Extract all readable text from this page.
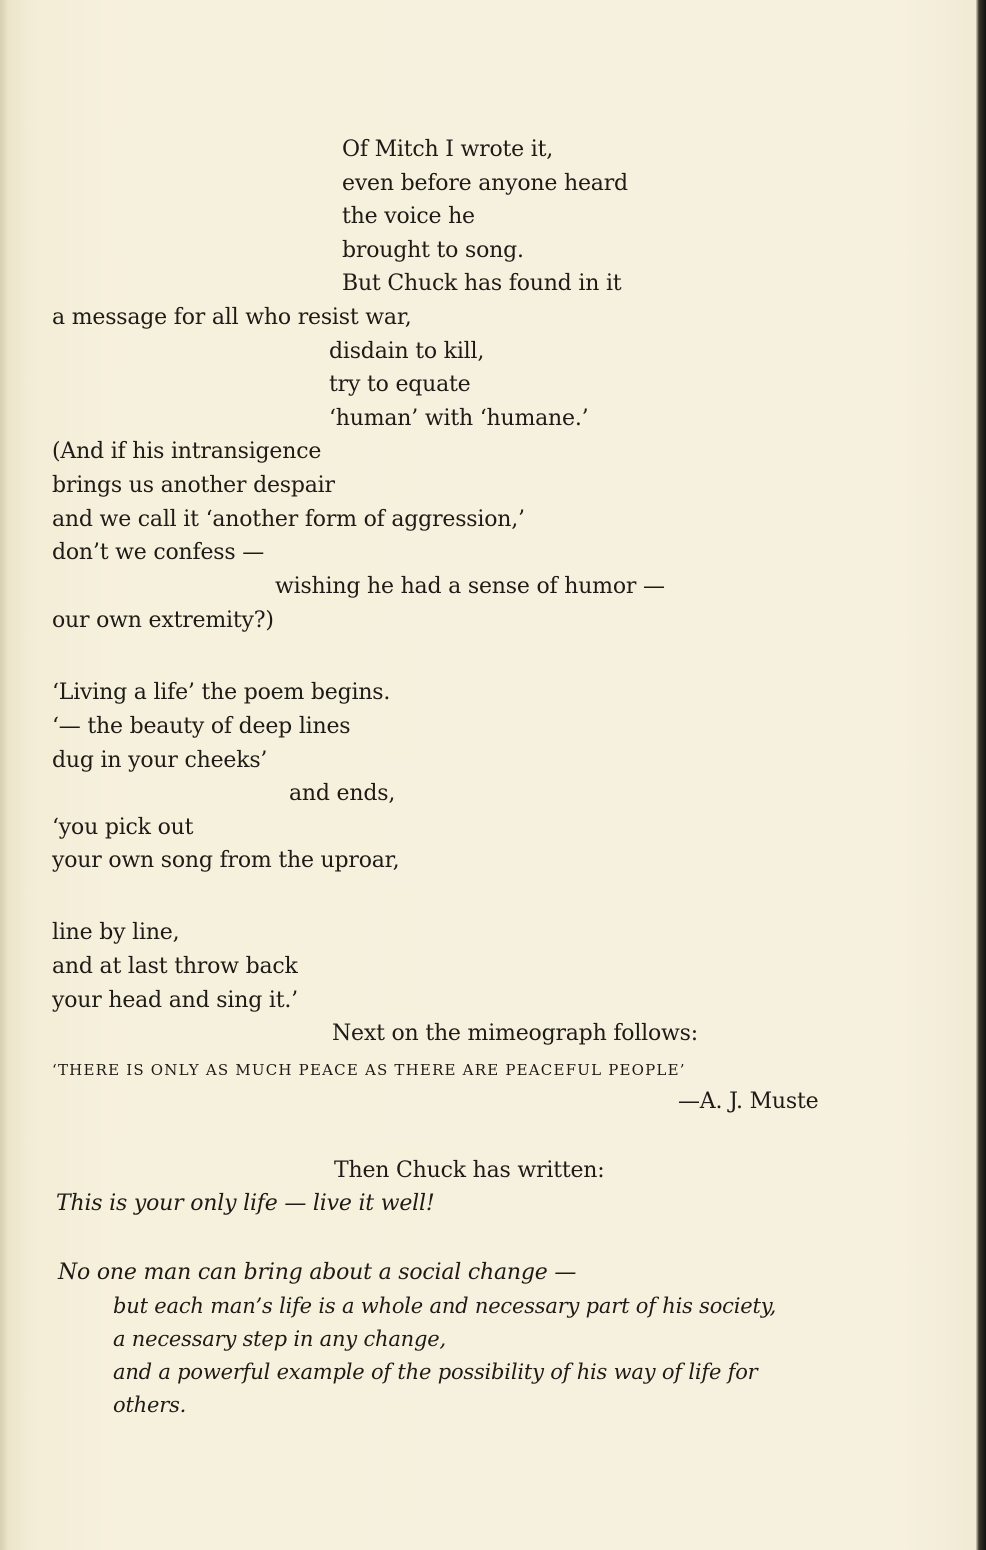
Of Mitch I wrote it,
even before anyone heard
the voice he
brought to song.
But Chuck has found in it
a message for all who resist war,
disdain to kill,
try to equate
‘human’ with ‘humane.’
(And if his intransigence
brings us another despair
and we call it ‘another form of aggression,’
don’t we confess —
wishing he had a sense of humor —
our own extremity?)
‘Living a life’ the poem begins.
‘— the beauty of deep lines
dug in your cheeks’
and ends,
‘you pick out
your own song from the uproar,
line by line,
and at last throw back
your head and sing it.’
Next on the mimeograph follows:
‘THERE IS ONLY AS MUCH PEACE AS THERE ARE PEACEFUL PEOPLE’
—A. J. Muste
Then Chuck has written:
This is your only life — live it well!
No one man can bring about a social change —
but each man’s life is a whole and necessary part of his society,
a necessary step in any change,
and a powerful example of the possibility of his way of life for
others.
